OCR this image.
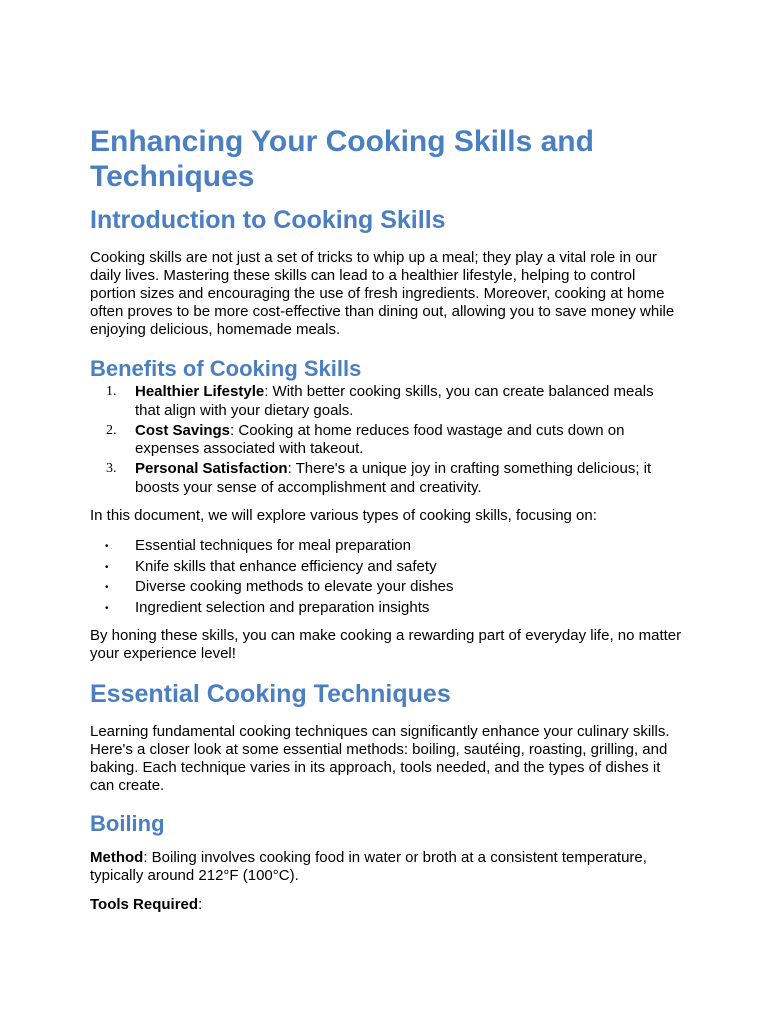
Enhancing Your Cooking Skills and Techniques
Introduction to Cooking Skills

Cooking skills are not just a set of tricks to whip up a meal; they play a vital role in our daily lives. Mastering these skills can lead to a healthier lifestyle, helping to control portion sizes and encouraging the use of fresh ingredients. Moreover, cooking at home often proves to be more cost-effective than dining out, allowing you to save money while enjoying delicious, homemade meals.

Benefits of Cooking Skills
1. Healthier Lifestyle: With better cooking skills, you can create balanced meals that align with your dietary goals.
2. Cost Savings: Cooking at home reduces food wastage and cuts down on expenses associated with takeout.
3. Personal Satisfaction: There's a unique joy in crafting something delicious; it boosts your sense of accomplishment and creativity.

In this document, we will explore various types of cooking skills, focusing on:

• Essential techniques for meal preparation
• Knife skills that enhance efficiency and safety
• Diverse cooking methods to elevate your dishes
• Ingredient selection and preparation insights

By honing these skills, you can make cooking a rewarding part of everyday life, no matter your experience level!

Essential Cooking Techniques

Learning fundamental cooking techniques can significantly enhance your culinary skills. Here's a closer look at some essential methods: boiling, sautéing, roasting, grilling, and baking. Each technique varies in its approach, tools needed, and the types of dishes it can create.

Boiling

Method: Boiling involves cooking food in water or broth at a consistent temperature, typically around 212°F (100°C).

Tools Required:
